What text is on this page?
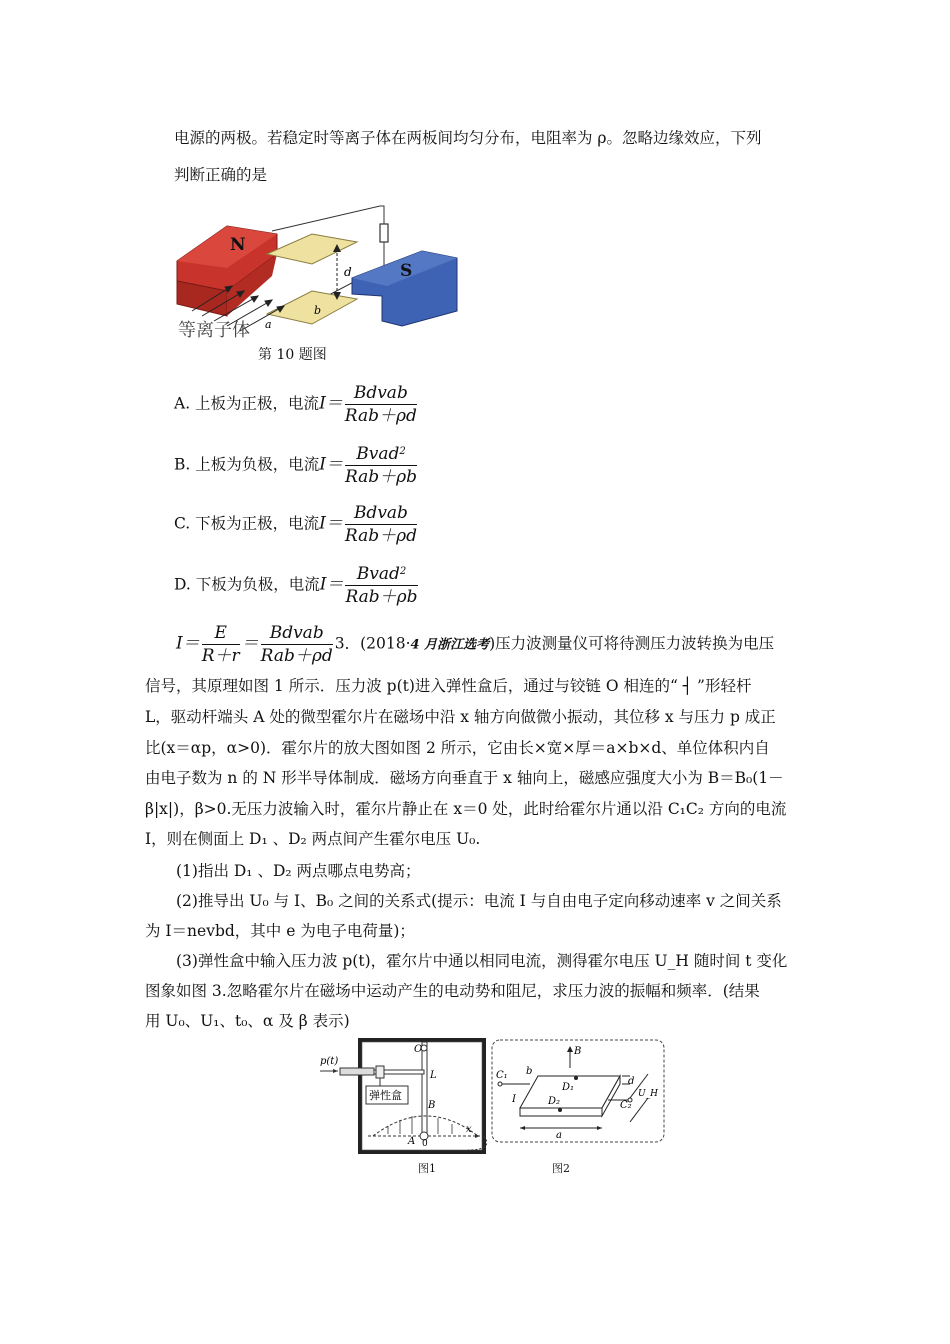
电源的两极。若稳定时等离子体在两板间均匀分布，电阻率为 ρ。忽略边缘效应，下列
判断正确的是
N
d	S
等离子体 a
b
第 10 题图
A. 上板为正极，电流$I= \frac{\text{Bdvab}}{\text{Rab＋ρd}}$
B. 上板为负极，电流$I= \frac{Bvad^2}{\text{Rab＋ρb}}$
C. 下板为正极，电流$I= \frac{\text{Bdvab}}{\text{Rab＋ρd}}$
D. 下板为负极，电流$I= \frac{Bvad^2}{\text{Rab＋ρb}}$
$I= \frac{E}{R+r} = \frac{\text{Bdvab}}{\text{Rab＋ρd}} 3$．(2018·4 月浙江选考)压力波测量仪可将待测压力波转换为电压
信号，其原理如图 1 所示．压力波 p(t)进入弹性盒后，通过与铰链 O 相连的“ ┤ ”形轻杆
L，驱动杆端头 A 处的微型霍尔片在磁场中沿 x 轴方向做微小振动，其位移 x 与压力 p 成正
比(x＝αp，α>0)．霍尔片的放大图如图 2 所示，它由长×宽×厚＝a×b×d、单位体积内自
由电子数为 n 的 N 形半导体制成．磁场方向垂直于 x 轴向上，磁感应强度大小为 B＝B₀(1－
β|x|)，β>0.无压力波输入时，霍尔片静止在 x＝0 处，此时给霍尔片通以沿 C₁C₂ 方向的电流
I，则在侧面上 D₁ 、D₂ 两点间产生霍尔电压 U₀.
(1)指出 D₁ 、D₂ 两点哪点电势高；
(2)推导出 U₀ 与 I、B₀ 之间的关系式(提示：电流 I 与自由电子定向移动速率 v 之间关系
为 I＝nevbd，其中 e 为电子电荷量)；
(3)弹性盒中输入压力波 p(t)，霍尔片中通以相同电流，测得霍尔电压 U_H 随时间 t 变化
图象如图 3.忽略霍尔片在磁场中运动产生的电动势和阻尼，求压力波的振幅和频率．(结果
用 U₀、U₁、t₀、α 及 β 表示)
p(t)
弹性盒
O
L
B
A 0
x
图1
B
b
D₁
D₂
d
C₁
C₂
I
a
U_H
图2
